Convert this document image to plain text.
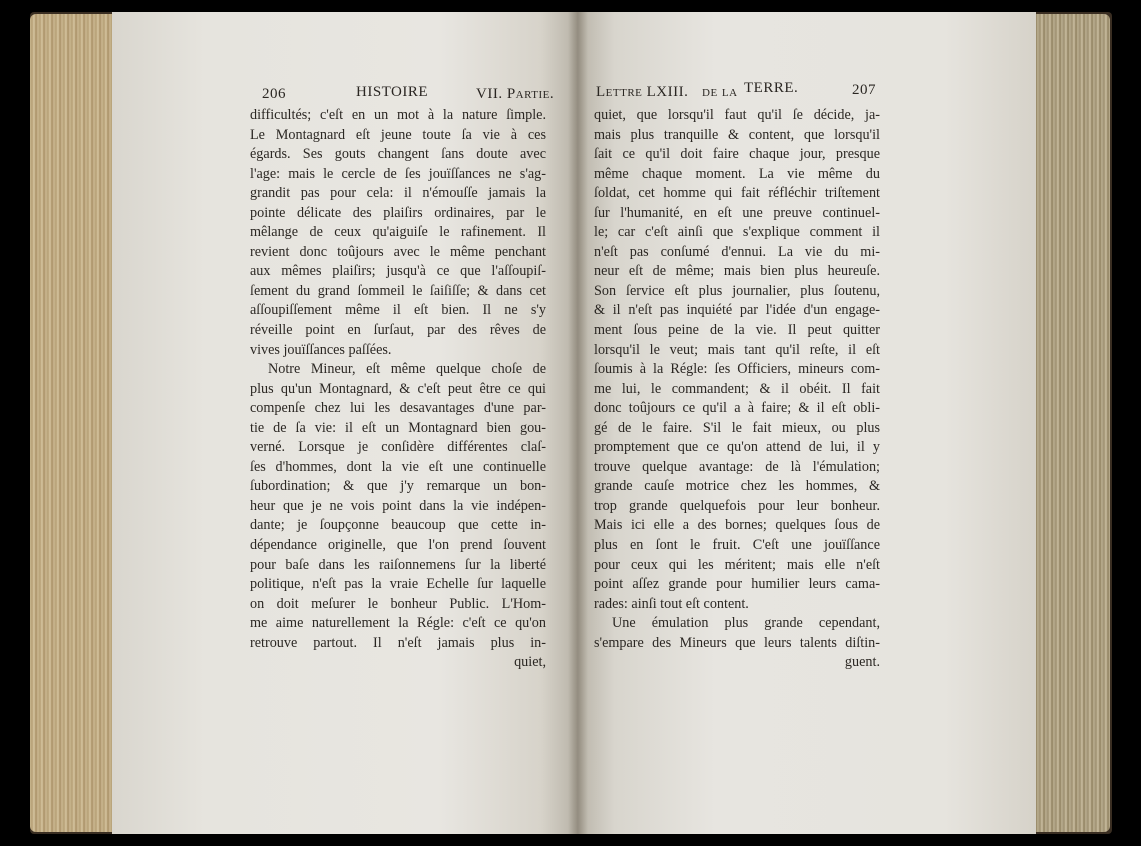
206	HISTOIRE	VII. Partie.	Lettre LXIII. de la TERRE.	207
difficultés; c'eſt en un mot à la nature ſimple.
Le Montagnard eſt jeune toute ſa vie à ces
égards. Ses gouts changent ſans doute avec
l'age: mais le cercle de ſes jouïſſances ne s'ag-
grandit pas pour cela: il n'émouſſe jamais la
pointe délicate des plaiſirs ordinaires, par le
mêlange de ceux qu'aiguiſe le rafinement. Il
revient donc toûjours avec le même penchant
aux mêmes plaiſirs; jusqu'à ce que l'aſſoupiſ-
ſement du grand ſommeil le ſaiſiſſe; & dans cet
aſſoupiſſement même il eſt bien. Il ne s'y
réveille point en ſurſaut, par des rêves de
vives jouïſſances paſſées.
Notre Mineur, eſt même quelque choſe de
plus qu'un Montagnard, & c'eſt peut être ce qui
compenſe chez lui les desavantages d'une par-
tie de ſa vie: il eſt un Montagnard bien gou-
verné. Lorsque je conſidère différentes claſ-
ſes d'hommes, dont la vie eſt une continuelle
ſubordination; & que j'y remarque un bon-
heur que je ne vois point dans la vie indépen-
dante; je ſoupçonne beaucoup que cette in-
dépendance originelle, que l'on prend ſouvent
pour baſe dans les raiſonnemens ſur la liberté
politique, n'eſt pas la vraie Echelle ſur laquelle
on doit meſurer le bonheur Public. L'Hom-
me aime naturellement la Régle: c'eſt ce qu'on
retrouve partout. Il n'eſt jamais plus in-
quiet,
quiet, que lorsqu'il faut qu'il ſe décide, ja-
mais plus tranquille & content, que lorsqu'il
ſait ce qu'il doit faire chaque jour, presque
même chaque moment. La vie même du
ſoldat, cet homme qui fait réfléchir triſtement
ſur l'humanité, en eſt une preuve continuel-
le; car c'eſt ainſi que s'explique comment il
n'eſt pas conſumé d'ennui. La vie du mi-
neur eſt de même; mais bien plus heureuſe.
Son ſervice eſt plus journalier, plus ſoutenu,
& il n'eſt pas inquiété par l'idée d'un engage-
ment ſous peine de la vie. Il peut quitter
lorsqu'il le veut; mais tant qu'il reſte, il eſt
ſoumis à la Régle: ſes Officiers, mineurs com-
me lui, le commandent; & il obéit. Il fait
donc toûjours ce qu'il a à faire; & il eſt obli-
gé de le faire. S'il le fait mieux, ou plus
promptement que ce qu'on attend de lui, il y
trouve quelque avantage: de là l'émulation;
grande cauſe motrice chez les hommes, &
trop grande quelquefois pour leur bonheur.
Mais ici elle a des bornes; quelques ſous de
plus en ſont le fruit. C'eſt une jouïſſance
pour ceux qui les méritent; mais elle n'eſt
point aſſez grande pour humilier leurs cama-
rades: ainſi tout eſt content.
Une émulation plus grande cependant,
s'empare des Mineurs que leurs talents diſtin-
guent.
